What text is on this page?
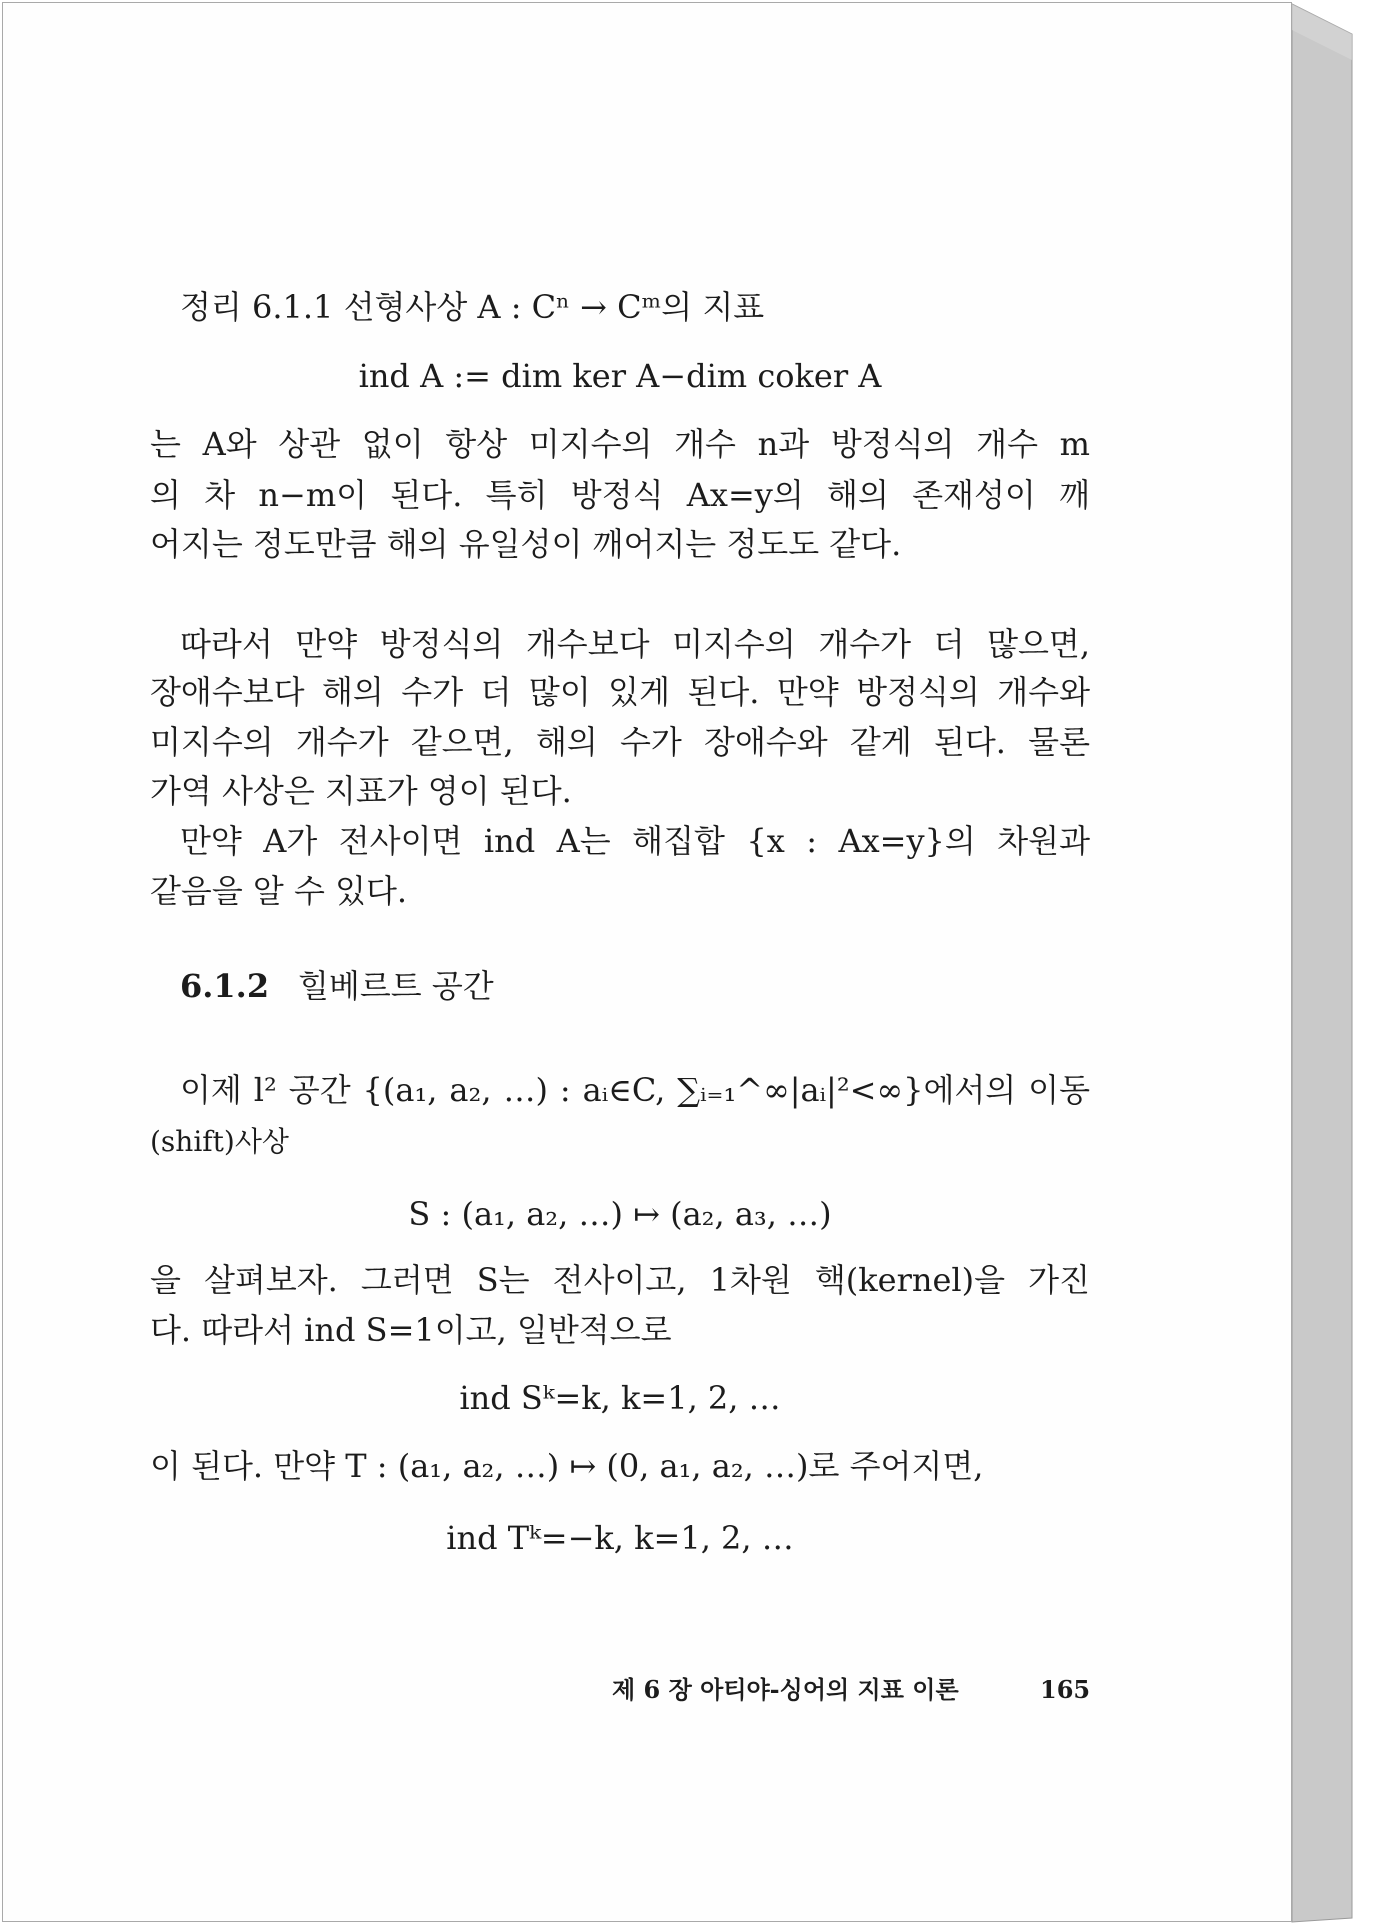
정리 6.1.1 선형사상 A : Cⁿ → Cᵐ의 지표
ind A := dim ker A−dim coker A
는 A와 상관 없이 항상 미지수의 개수 n과 방정식의 개수 m
의 차 n−m이 된다. 특히 방정식 Ax=y의 해의 존재성이 깨
어지는 정도만큼 해의 유일성이 깨어지는 정도도 같다.
따라서 만약 방정식의 개수보다 미지수의 개수가 더 많으면,
장애수보다 해의 수가 더 많이 있게 된다. 만약 방정식의 개수와
미지수의 개수가 같으면, 해의 수가 장애수와 같게 된다. 물론
가역 사상은 지표가 영이 된다.
만약 A가 전사이면 ind A는 해집합 {x : Ax=y}의 차원과
같음을 알 수 있다.
6.1.2 힐베르트 공간
이제 l² 공간 {(a₁, a₂, …) : aᵢ∈C, ∑ᵢ₌₁^∞|aᵢ|²<∞}에서의 이동
(shift)사상
S : (a₁, a₂, …) ↦ (a₂, a₃, …)
을 살펴보자. 그러면 S는 전사이고, 1차원 핵(kernel)을 가진
다. 따라서 ind S=1이고, 일반적으로
ind Sᵏ=k, k=1, 2, …
이 된다. 만약 T : (a₁, a₂, …) ↦ (0, a₁, a₂, …)로 주어지면,
ind Tᵏ=−k, k=1, 2, …
제 6 장 아티야-싱어의 지표 이론	165
